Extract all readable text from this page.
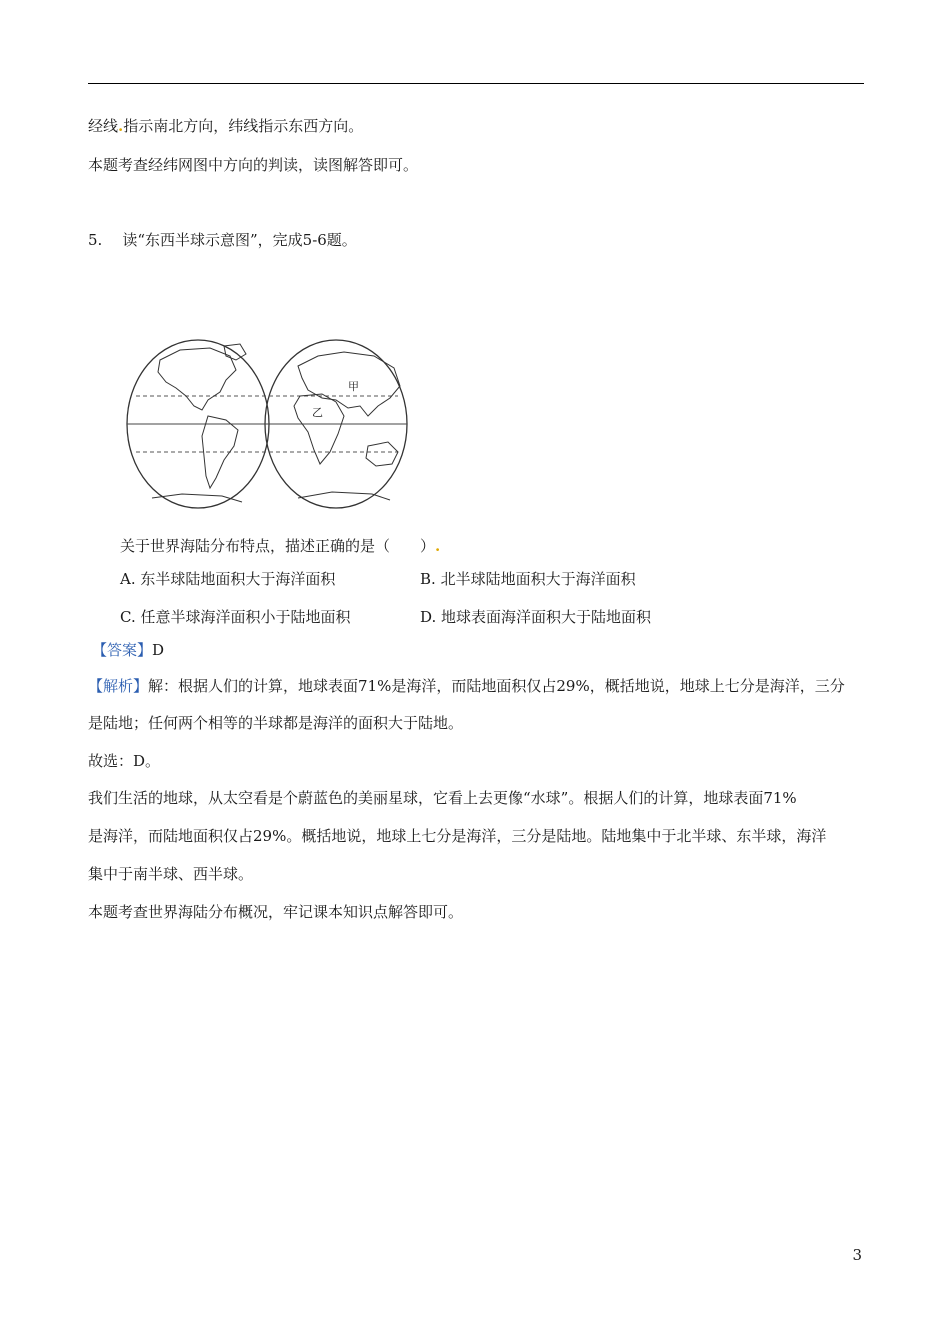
经线.指示南北方向，纬线指示东西方向。
本题考查经纬网图中方向的判读，读图解答即可。
5. 读“东西半球示意图”，完成5-6题。
甲
乙
关于世界海陆分布特点，描述正确的是（　　）.
A. 东半球陆地面积大于海洋面积	B. 北半球陆地面积大于海洋面积
C. 任意半球海洋面积小于陆地面积	D. 地球表面海洋面积大于陆地面积
【答案】D
【解析】解：根据人们的计算，地球表面71%是海洋，而陆地面积仅占29%，概括地说，地球上七分是海洋，三分
是陆地；任何两个相等的半球都是海洋的面积大于陆地。
故选：D。
我们生活的地球，从太空看是个蔚蓝色的美丽星球，它看上去更像“水球”。根据人们的计算，地球表面71%
是海洋，而陆地面积仅占29%。概括地说，地球上七分是海洋，三分是陆地。陆地集中于北半球、东半球，海洋
集中于南半球、西半球。
本题考查世界海陆分布概况，牢记课本知识点解答即可。
3
